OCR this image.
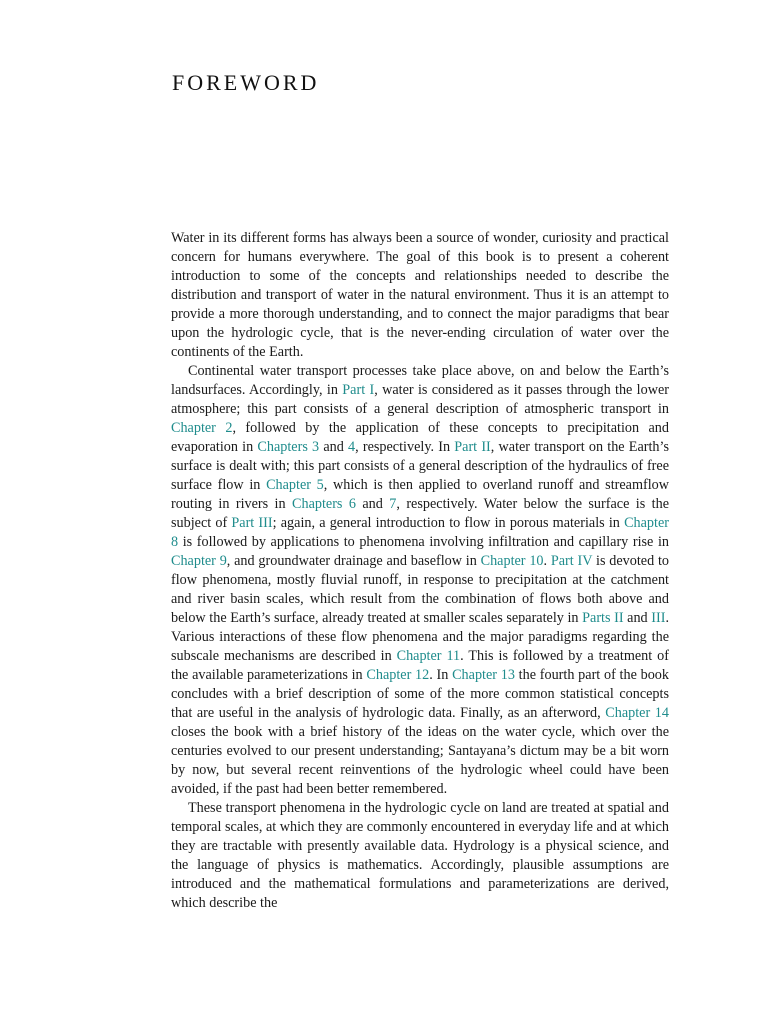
FOREWORD

Water in its different forms has always been a source of wonder, curiosity and practical concern for humans everywhere. The goal of this book is to present a coherent introduction to some of the concepts and relationships needed to describe the distribution and transport of water in the natural environment. Thus it is an attempt to provide a more thorough understanding, and to connect the major paradigms that bear upon the hydrologic cycle, that is the never-ending circulation of water over the continents of the Earth.

Continental water transport processes take place above, on and below the Earth’s landsurfaces. Accordingly, in Part I, water is considered as it passes through the lower atmosphere; this part consists of a general description of atmospheric transport in Chapter 2, followed by the application of these concepts to precipitation and evaporation in Chapters 3 and 4, respectively. In Part II, water transport on the Earth’s surface is dealt with; this part consists of a general description of the hydraulics of free surface flow in Chapter 5, which is then applied to overland runoff and streamflow routing in rivers in Chapters 6 and 7, respectively. Water below the surface is the subject of Part III; again, a general introduction to flow in porous materials in Chapter 8 is followed by applications to phenomena involving infiltration and capillary rise in Chapter 9, and groundwater drainage and baseflow in Chapter 10. Part IV is devoted to flow phenomena, mostly fluvial runoff, in response to precipitation at the catchment and river basin scales, which result from the combination of flows both above and below the Earth’s surface, already treated at smaller scales separately in Parts II and III. Various interactions of these flow phenomena and the major paradigms regarding the subscale mechanisms are described in Chapter 11. This is followed by a treatment of the available parameterizations in Chapter 12. In Chapter 13 the fourth part of the book concludes with a brief description of some of the more common statistical concepts that are useful in the analysis of hydrologic data. Finally, as an afterword, Chapter 14 closes the book with a brief history of the ideas on the water cycle, which over the centuries evolved to our present understanding; Santayana’s dictum may be a bit worn by now, but several recent reinventions of the hydrologic wheel could have been avoided, if the past had been better remembered.

These transport phenomena in the hydrologic cycle on land are treated at spatial and temporal scales, at which they are commonly encountered in everyday life and at which they are tractable with presently available data. Hydrology is a physical science, and the language of physics is mathematics. Accordingly, plausible assumptions are introduced and the mathematical formulations and parameterizations are derived, which describe the
